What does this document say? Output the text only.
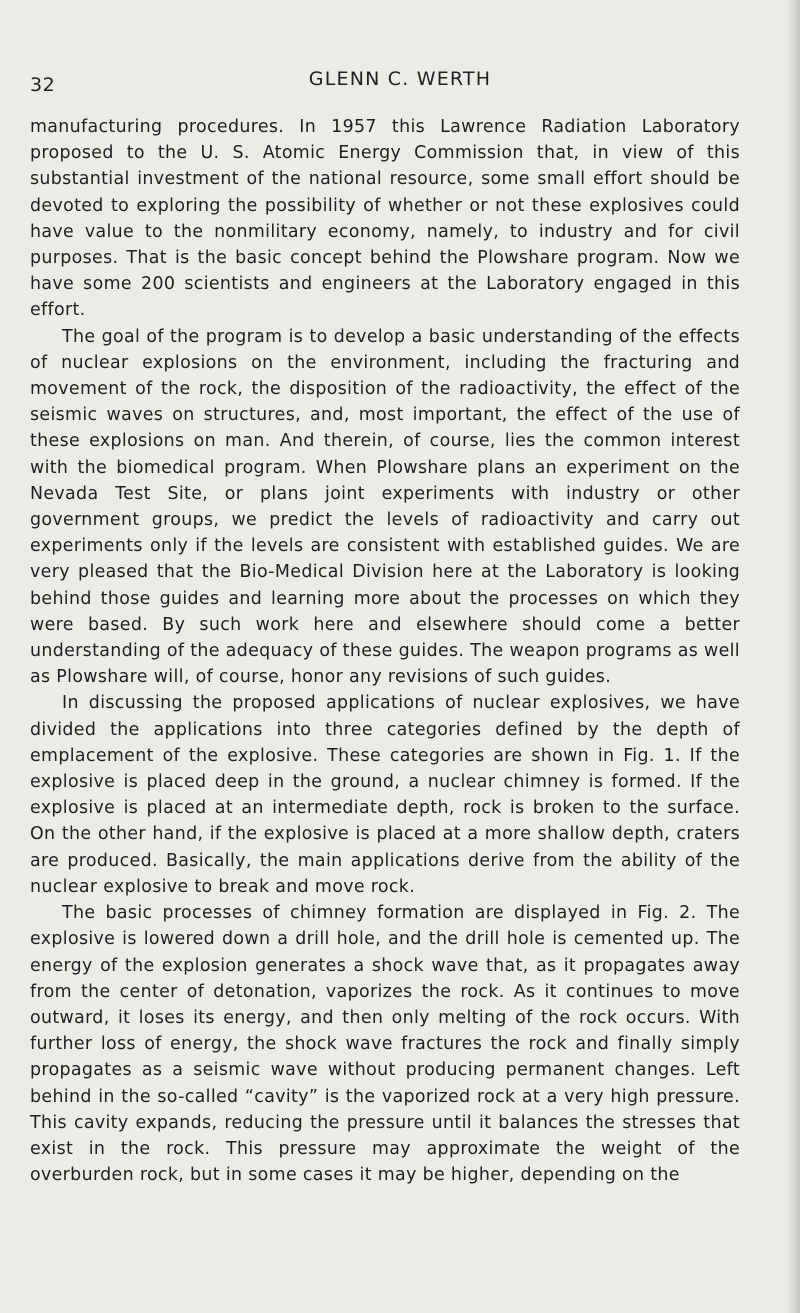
32	GLENN C. WERTH

manufacturing procedures. In 1957 this Lawrence Radiation Laboratory proposed to the U. S. Atomic Energy Commission that, in view of this substantial investment of the national resource, some small effort should be devoted to exploring the possibility of whether or not these explosives could have value to the nonmilitary economy, namely, to industry and for civil purposes. That is the basic concept behind the Plowshare program. Now we have some 200 scientists and engineers at the Laboratory engaged in this effort.

The goal of the program is to develop a basic understanding of the effects of nuclear explosions on the environment, including the fracturing and movement of the rock, the disposition of the radioactivity, the effect of the seismic waves on structures, and, most important, the effect of the use of these explosions on man. And therein, of course, lies the common interest with the biomedical program. When Plowshare plans an experiment on the Nevada Test Site, or plans joint experiments with industry or other government groups, we predict the levels of radioactivity and carry out experiments only if the levels are consistent with established guides. We are very pleased that the Bio-Medical Division here at the Laboratory is looking behind those guides and learning more about the processes on which they were based. By such work here and elsewhere should come a better understanding of the adequacy of these guides. The weapon programs as well as Plowshare will, of course, honor any revisions of such guides.

In discussing the proposed applications of nuclear explosives, we have divided the applications into three categories defined by the depth of emplacement of the explosive. These categories are shown in Fig. 1. If the explosive is placed deep in the ground, a nuclear chimney is formed. If the explosive is placed at an intermediate depth, rock is broken to the surface. On the other hand, if the explosive is placed at a more shallow depth, craters are produced. Basically, the main applications derive from the ability of the nuclear explosive to break and move rock.

The basic processes of chimney formation are displayed in Fig. 2. The explosive is lowered down a drill hole, and the drill hole is cemented up. The energy of the explosion generates a shock wave that, as it propagates away from the center of detonation, vaporizes the rock. As it continues to move outward, it loses its energy, and then only melting of the rock occurs. With further loss of energy, the shock wave fractures the rock and finally simply propagates as a seismic wave without producing permanent changes. Left behind in the so-called “cavity” is the vaporized rock at a very high pressure. This cavity expands, reducing the pressure until it balances the stresses that exist in the rock. This pressure may approximate the weight of the overburden rock, but in some cases it may be higher, depending on the
